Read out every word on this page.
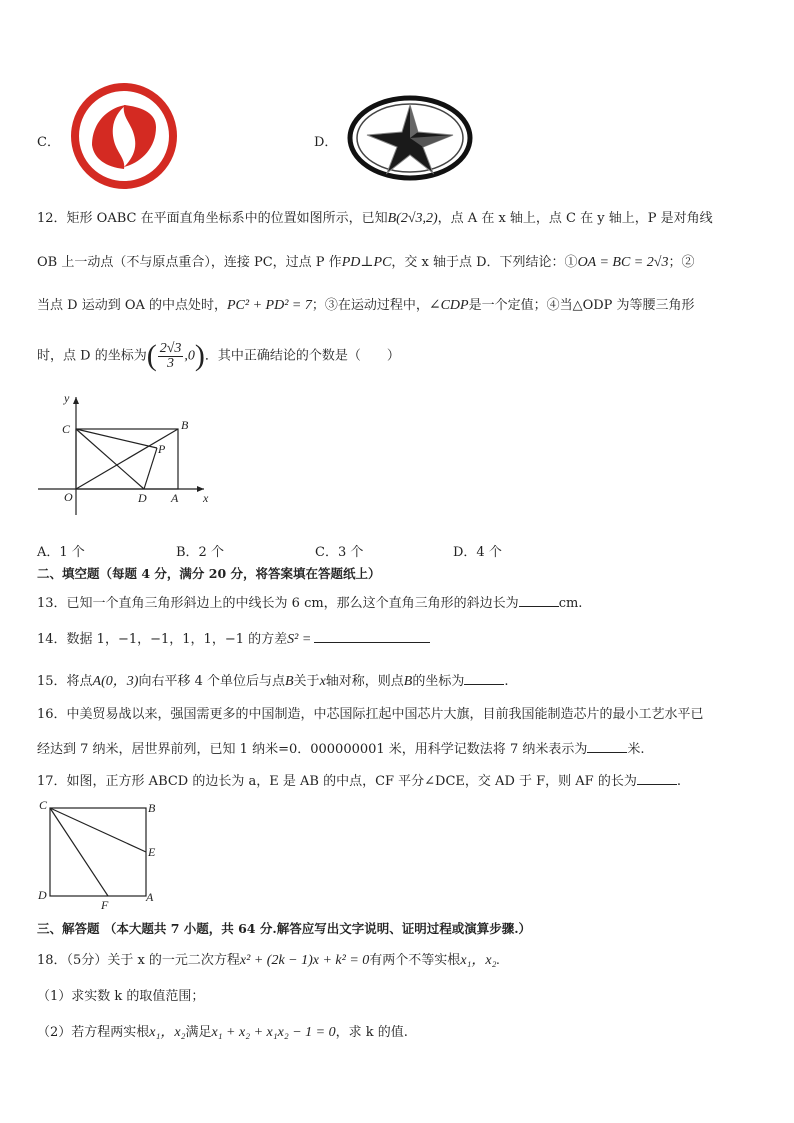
C．	D．
12．矩形 OABC 在平面直角坐标系中的位置如图所示，已知B(2√3,2)，点 A 在 x 轴上，点 C 在 y 轴上，P 是对角线
OB 上一动点（不与原点重合），连接 PC，过点 P 作PD⊥PC，交 x 轴于点 D．下列结论：①OA = BC = 2√3；②
当点 D 运动到 OA 的中点处时，PC² + PD² = 7；③在运动过程中，∠CDP是一个定值；④当△ODP 为等腰三角形
时，点 D 的坐标为( $\frac{2√3}{3} ,0$)．其中正确结论的个数是（　　）
y
C	B
P
O	D A x
A．1 个	B．2 个	C．3 个	D．4 个
二、填空题（每题 4 分，满分 20 分，将答案填在答题纸上）
13．已知一个直角三角形斜边上的中线长为 6 cm，那么这个直角三角形的斜边长为	cm.
14．数据 1，−1，−1，1，1，−1 的方差S² =
15．将点A(0，3)向右平移 4 个单位后与点B关于x轴对称，则点B的坐标为	.
16．中美贸易战以来，强国需更多的中国制造，中芯国际扛起中国芯片大旗，目前我国能制造芯片的最小工艺水平已
经达到 7 纳米，居世界前列，已知 1 纳米=0．000000001 米，用科学记数法将 7 纳米表示为	米.
17．如图，正方形 ABCD 的边长为 a，E 是 AB 的中点，CF 平分∠DCE，交 AD 于 F，则 AF 的长为	.
C	B
E
D
F
A
三、解答题 （本大题共 7 小题，共 64 分.解答应写出文字说明、证明过程或演算步骤.）
18．（5分）关于 x 的一元二次方程x² + (2k − 1)x + k² = 0有两个不等实根x₁，x₂.
（1）求实数 k 的取值范围；
（2）若方程两实根x₁，x₂满足x₁ + x₂ + x₁x₂ − 1 = 0，求 k 的值.
